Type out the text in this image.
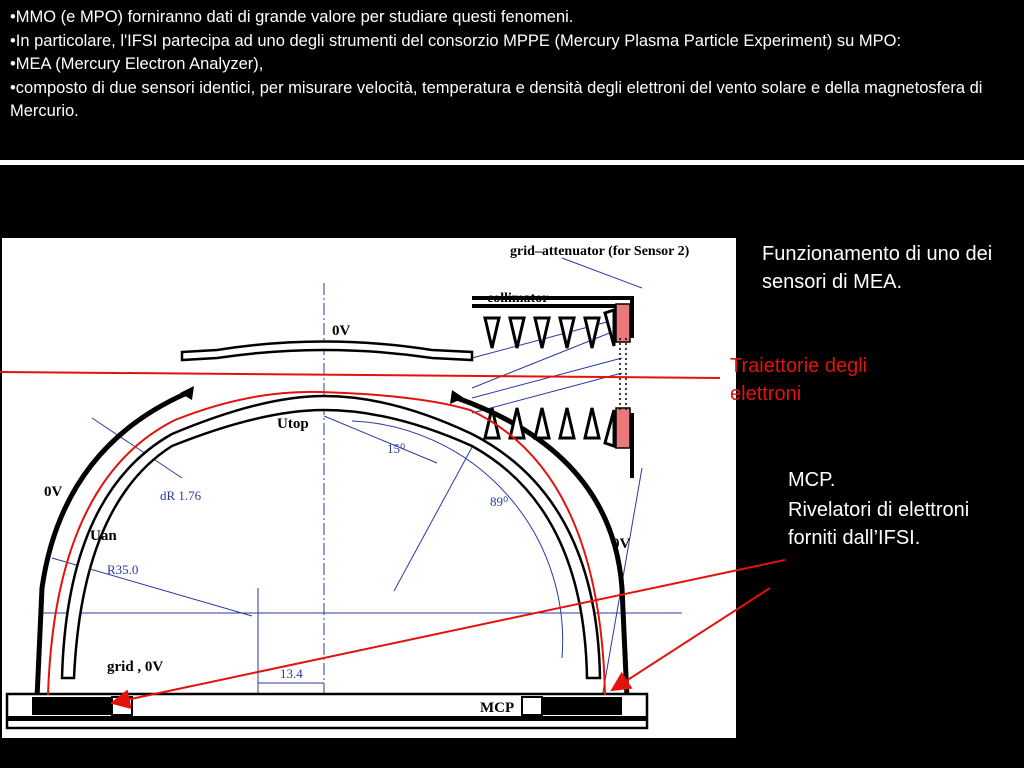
•MMO (e MPO) forniranno dati di grande valore per studiare questi fenomeni.

•In particolare, l'IFSI partecipa ad uno degli strumenti del consorzio MPPE (Mercury Plasma Particle Experiment) su MPO:

•MEA (Mercury Electron Analyzer),

•composto di due sensori identici, per misurare velocità, temperatura e densità degli elettroni del vento solare e della magnetosfera di Mercurio.

grid–attenuator (for Sensor 2)
collimator
0V
Utop
0V
Uan	0V
grid , 0V
MCP
15⁰
89⁰
dR 1.76
R35.0
13.4
Funzionamento di uno dei sensori di MEA.
Traiettorie degli elettroni
MCP.
Rivelatori di elettroni forniti dall’IFSI.
